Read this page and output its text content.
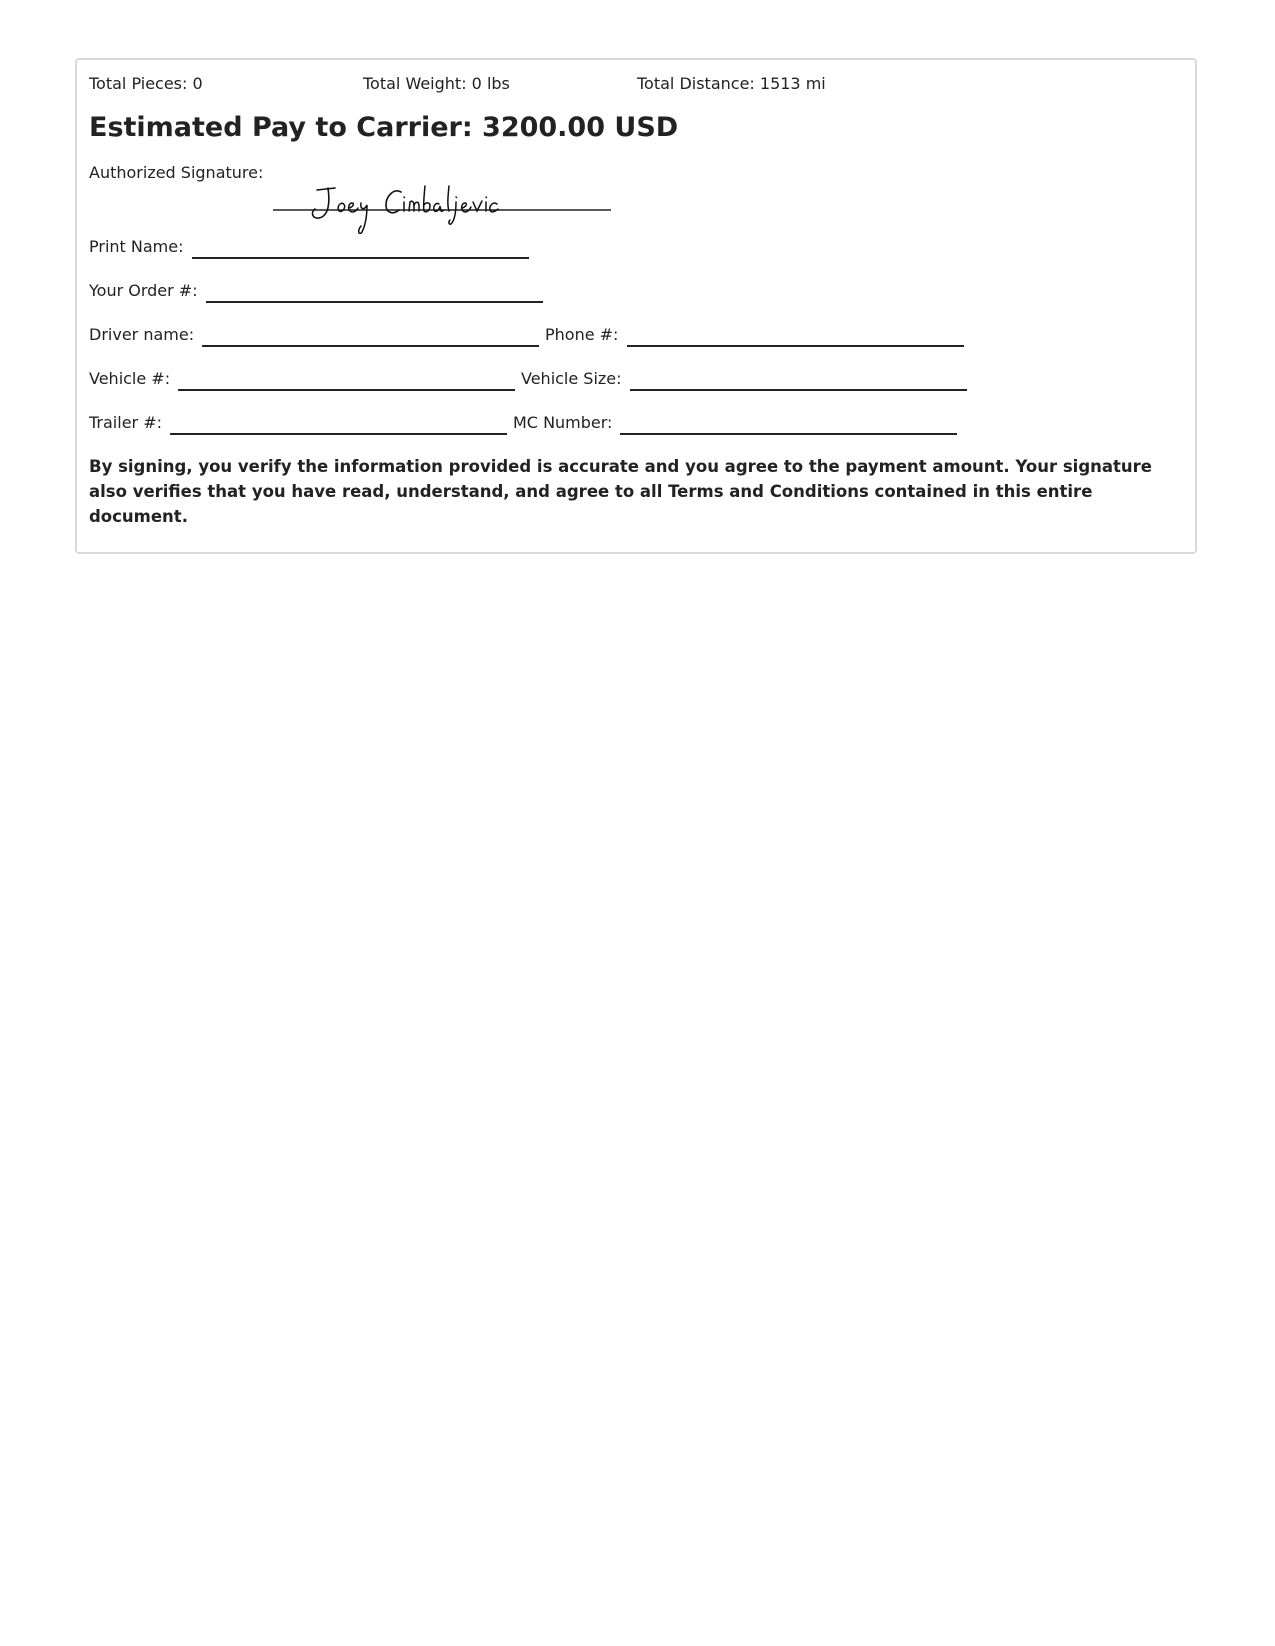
Total Pieces: 0	Total Weight: 0 lbs	Total Distance: 1513 mi
Estimated Pay to Carrier: 3200.00 USD
Authorized Signature:
Print Name:
Your Order #:
Driver name:	Phone #:
Vehicle #:	Vehicle Size:
Trailer #:	MC Number:
By signing, you verify the information provided is accurate and you agree to the payment amount. Your signature also verifies that you have read, understand, and agree to all Terms and Conditions contained in this entire document.
